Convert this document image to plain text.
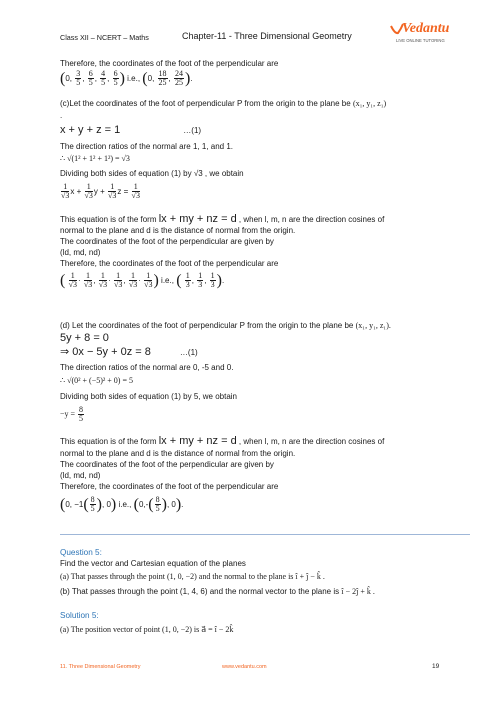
Class XII – NCERT – Maths	Chapter-11 - Three Dimensional Geometry	Vedantu
LIVE ONLINE TUTORING
Therefore, the coordinates of the foot of the perpendicular are
(0, $\frac{3}{5}$ , $\frac{6}{5}$ , $\frac{4}{5}$ , $\frac{6}{5}$ ) i.e., (0, $\frac{18}{25}$ , $\frac{24}{25}$ ).
(c)Let the coordinates of the foot of perpendicular P from the origin to the plane be (x₁, y₁, z₁)
.
x + y + z = 1	…(1)
The direction ratios of the normal are 1, 1, and 1.
∴ √(1² + 1² + 1²) = √3
Dividing both sides of equation (1) by √3 , we obtain
$\frac{1}{√3}$ $x + \frac{1}{√3}$ $y + \frac{1}{√3}$ $z = \frac{1}{√3}$
This equation is of the form lx + my + nz = d , when l, m, n are the direction cosines of
normal to the plane and d is the distance of normal from the origin.
The coordinates of the foot of the perpendicular are given by
(ld, md, nd)
Therefore, the coordinates of the foot of the perpendicular are
( $\frac{1}{√3} \cdot \frac{1}{√3}$ , $\frac{1}{√3} \cdot \frac{1}{√3}$ , $\frac{1}{√3} \cdot \frac{1}{√3}$ ) i.e., ( $\frac{1}{3}$ , $\frac{1}{3}$ , $\frac{1}{3}$ ).
(d) Let the coordinates of the foot of perpendicular P from the origin to the plane be (x₁, y₁, z₁).
5y + 8 = 0
⇒ 0x − 5y + 0z = 8	…(1)
The direction ratios of the normal are 0, -5 and 0.
∴ √(0² + (−5)² + 0) = 5
Dividing both sides of equation (1) by 5, we obtain
$-y = \frac{8}{5}$
This equation is of the form lx + my + nz = d , when l, m, n are the direction cosines of
normal to the plane and d is the distance of normal from the origin.
The coordinates of the foot of the perpendicular are given by
(ld, md, nd)
Therefore, the coordinates of the foot of the perpendicular are
(0, $-1( \frac{8}{5}$ ), 0) i.e., ($0,-( \frac{8}{5}$ ), 0).
Question 5:
Find the vector and Cartesian equation of the planes
(a) That passes through the point (1, 0, −2) and the normal to the plane is î + ĵ − k̂ .
(b) That passes through the point (1, 4, 6) and the normal vector to the plane is î − 2ĵ + k̂ .
Solution 5:
(a) The position vector of point (1, 0, −2) is a⃗ = î − 2k̂
11. Three Dimensional Geometry	www.vedantu.com	19
